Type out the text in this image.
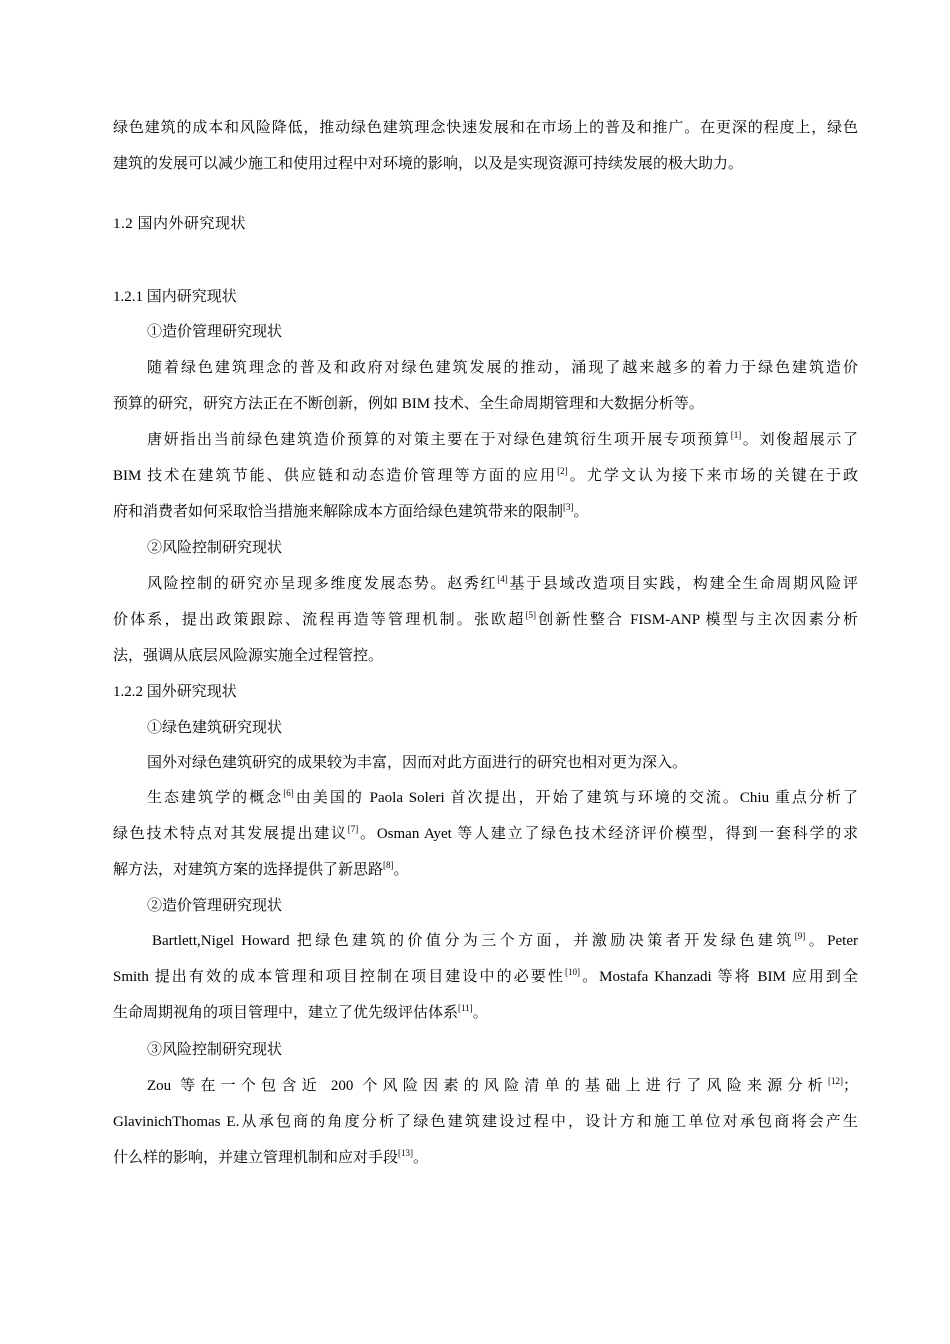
绿色建筑的成本和风险降低，推动绿色建筑理念快速发展和在市场上的普及和推广。在更深的程度上，绿色
建筑的发展可以减少施工和使用过程中对环境的影响，以及是实现资源可持续发展的极大助力。
1.2 国内外研究现状
1.2.1 国内研究现状
①造价管理研究现状
随着绿色建筑理念的普及和政府对绿色建筑发展的推动，涌现了越来越多的着力于绿色建筑造价
预算的研究，研究方法正在不断创新，例如 BIM 技术、全生命周期管理和大数据分析等。
唐妍指出当前绿色建筑造价预算的对策主要在于对绿色建筑衍生项开展专项预算[1]。刘俊超展示了
BIM 技术在建筑节能、供应链和动态造价管理等方面的应用[2]。尤学文认为接下来市场的关键在于政
府和消费者如何采取恰当措施来解除成本方面给绿色建筑带来的限制[3]。
②风险控制研究现状
风险控制的研究亦呈现多维度发展态势。赵秀红[4]基于县域改造项目实践，构建全生命周期风险评
价体系，提出政策跟踪、流程再造等管理机制。张欧超[5]创新性整合 FISM-ANP 模型与主次因素分析
法，强调从底层风险源实施全过程管控。
1.2.2 国外研究现状
①绿色建筑研究现状
国外对绿色建筑研究的成果较为丰富，因而对此方面进行的研究也相对更为深入。
生态建筑学的概念[6]由美国的 Paola Soleri 首次提出，开始了建筑与环境的交流。Chiu 重点分析了
绿色技术特点对其发展提出建议[7]。Osman Ayet 等人建立了绿色技术经济评价模型，得到一套科学的求
解方法，对建筑方案的选择提供了新思路[8]。
②造价管理研究现状
Bartlett,Nigel Howard 把绿色建筑的价值分为三个方面，并激励决策者开发绿色建筑[9]。Peter
Smith 提出有效的成本管理和项目控制在项目建设中的必要性[10]。Mostafa Khanzadi 等将 BIM 应用到全
生命周期视角的项目管理中，建立了优先级评估体系[11]。
③风险控制研究现状
Zou 等在一个包含近 200 个风险因素的风险清单的基础上进行了风险来源分析[12]；
GlavinichThomas E.从承包商的角度分析了绿色建筑建设过程中，设计方和施工单位对承包商将会产生
什么样的影响，并建立管理机制和应对手段[13]。
